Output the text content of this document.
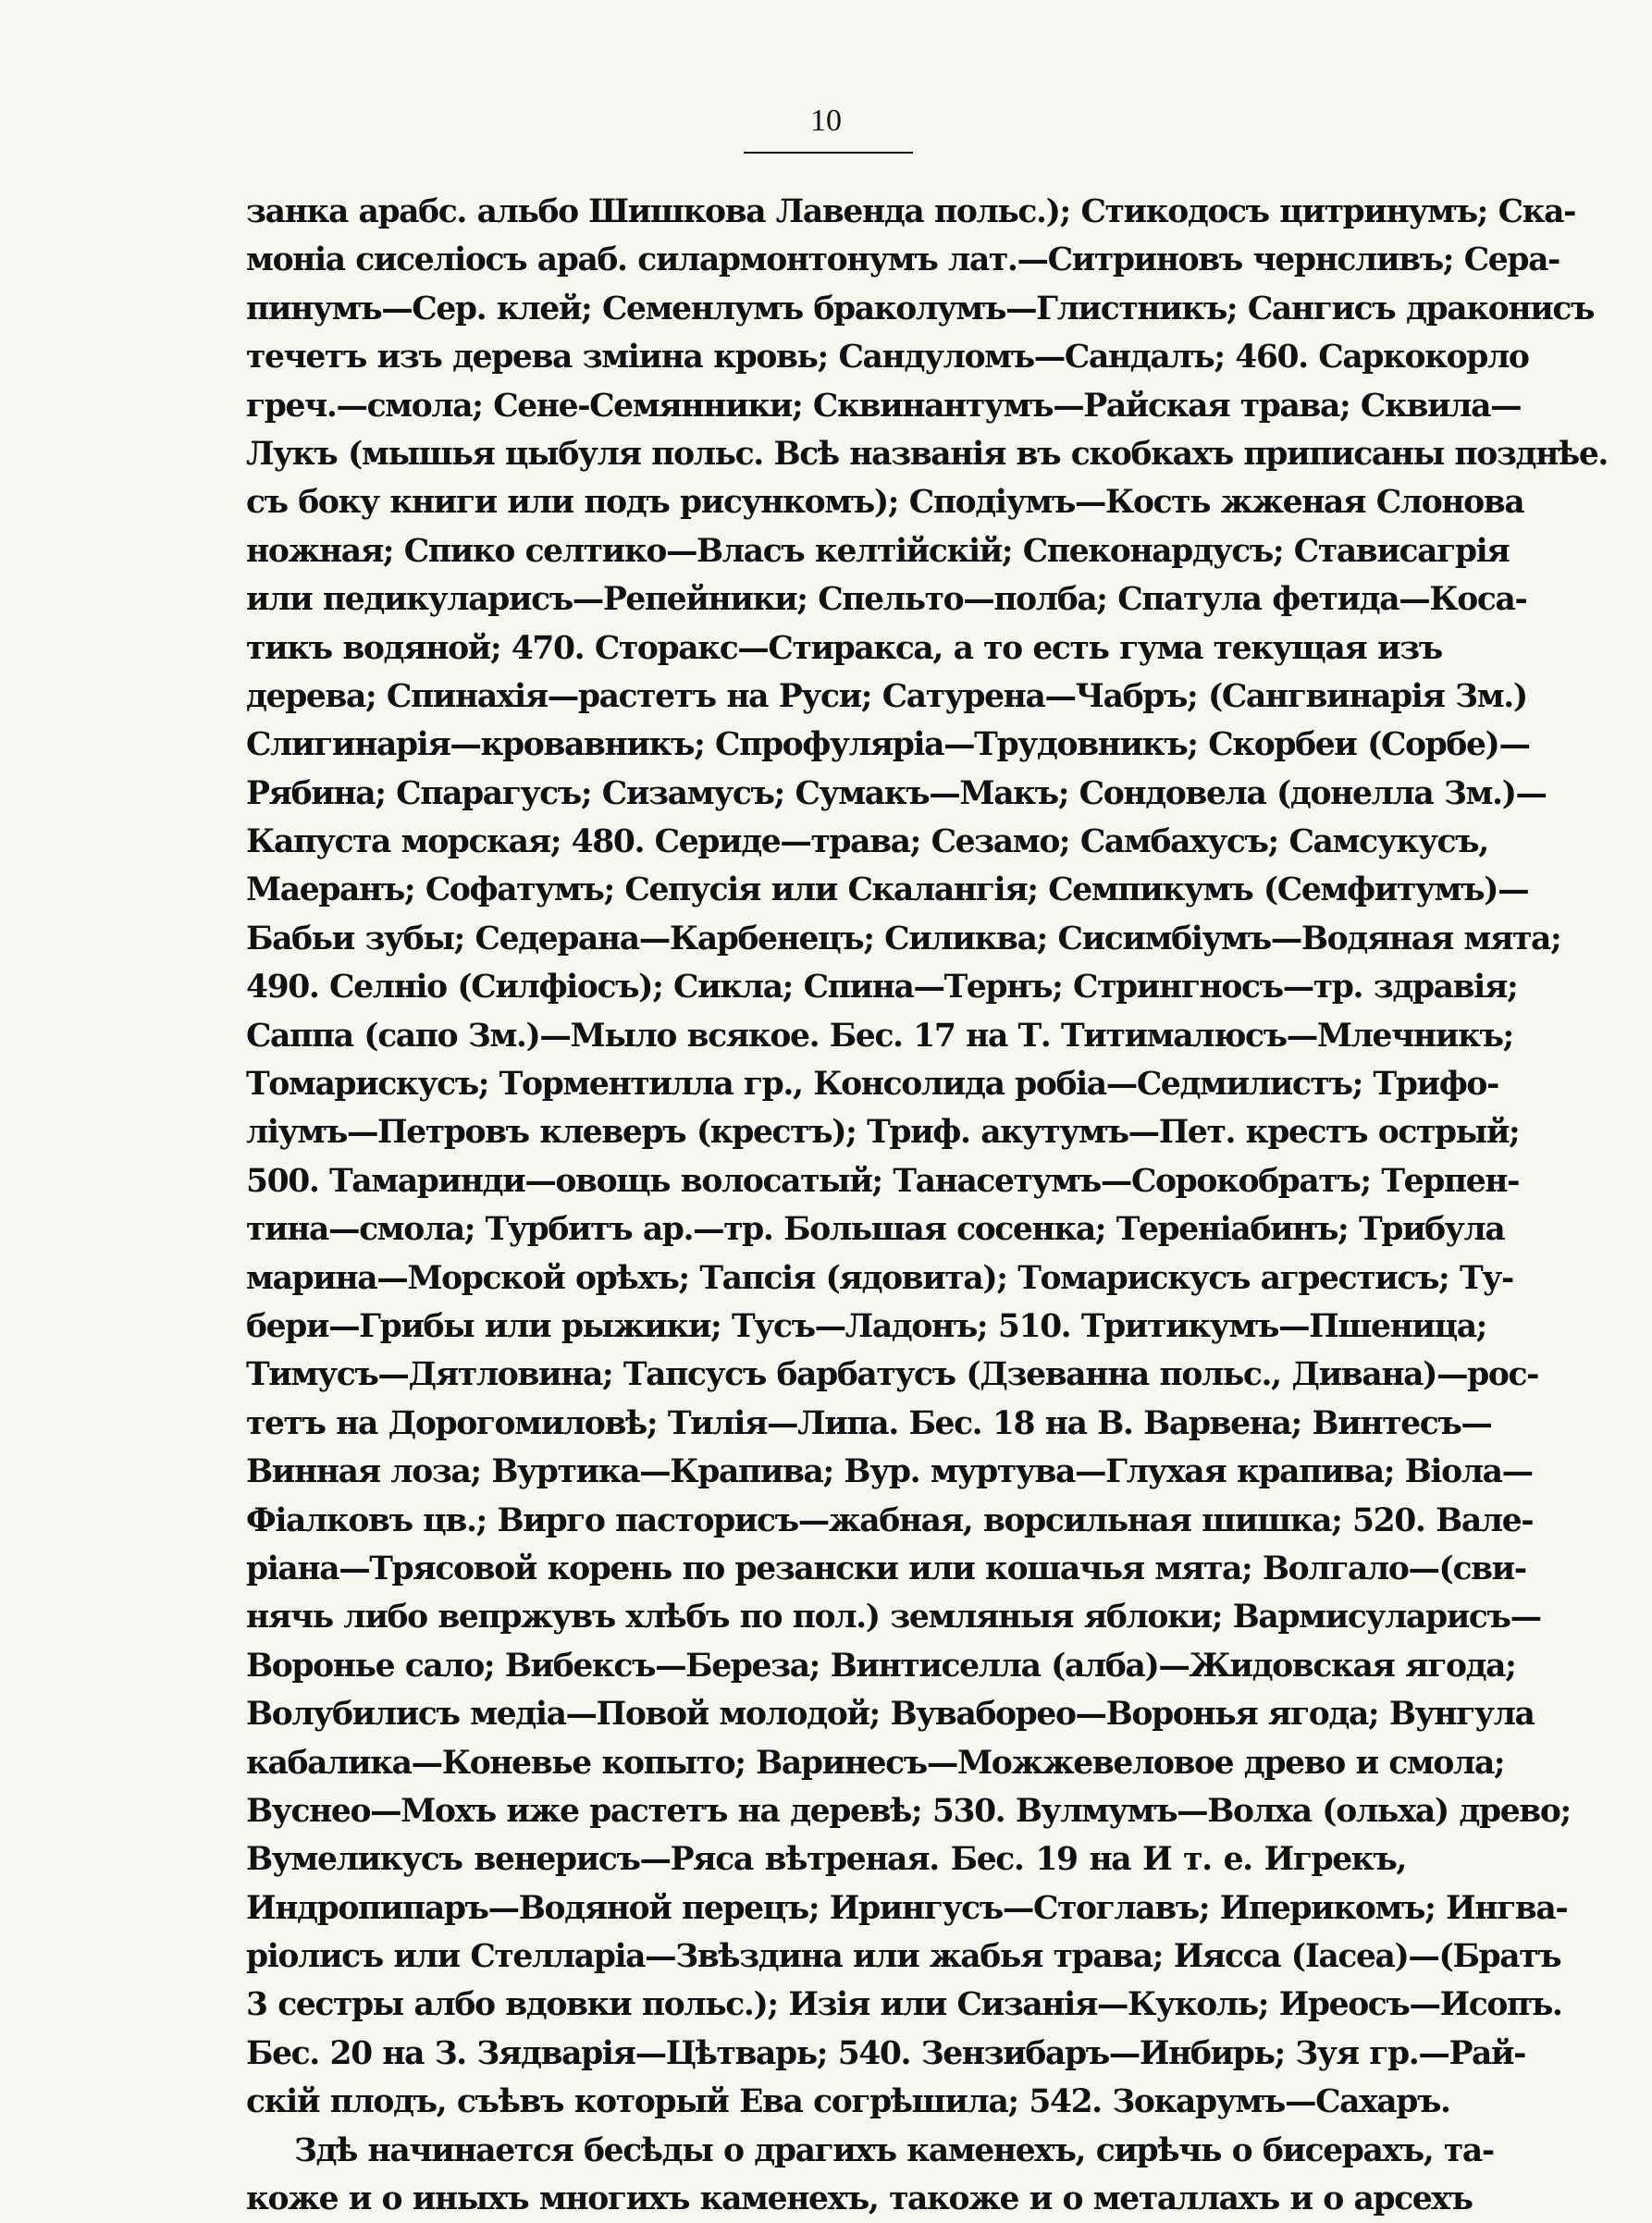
10
занка арабс. альбо Шишкова Лавенда польс.); Стикодосъ цитринумъ; Ска-
моніа сиселіосъ араб. силармонтонумъ лат.—Ситриновъ чернсливъ; Сера-
пинумъ—Сер. клей; Семенлумъ браколумъ—Глистникъ; Сангисъ драконисъ
течетъ изъ дерева зміина кровь; Сандуломъ—Сандалъ; 460. Саркокорло
греч.—смола; Сене-Семянники; Сквинантумъ—Райская трава; Сквила—
Лукъ (мышья цыбуля польс. Всѣ названія въ скобкахъ приписаны позднѣе.
съ боку книги или подъ рисункомъ); Сподіумъ—Кость жженая Слонова
ножная; Спико селтико—Власъ келтійскій; Спеконардусъ; Стависагрія
или педикуларисъ—Репейники; Спельто—полба; Спатула фетида—Коса-
тикъ водяной; 470. Сторакс—Стиракса, а то есть гума текущая изъ
дерева; Спинахія—растетъ на Руси; Сатурена—Чабръ; (Сангвинарія Зм.)
Слигинарія—кровавникъ; Спрофуляріа—Трудовникъ; Скорбеи (Сорбе)—
Рябина; Спарагусъ; Сизамусъ; Сумакъ—Макъ; Сондовела (донелла Зм.)—
Капуста морская; 480. Серидe—трава; Сезамо; Самбахусъ; Самсукусъ,
Маеранъ; Софатумъ; Сепусія или Скалангія; Семпикумъ (Семфитумъ)—
Бабьи зубы; Седерана—Карбенецъ; Силиква; Сисимбіумъ—Водяная мята;
490. Селніо (Силфіосъ); Сикла; Спина—Тернъ; Стрингносъ—тр. здравія;
Саппа (сапо Зм.)—Мыло всякое. Бес. 17 на Т. Титималюсъ—Млечникъ;
Томарискусъ; Торментилла гр., Консолида робіа—Седмилистъ; Трифо-
ліумъ—Петровъ клеверъ (крестъ); Триф. акутумъ—Пет. крестъ острый;
500. Тамаринди—овощь волосатый; Танасетумъ—Сорокобратъ; Терпен-
тина—смола; Турбитъ ар.—тр. Большая сосенка; Тереніабинъ; Трибула
марина—Морской орѣхъ; Тапсія (ядовита); Томарискусъ агрестисъ; Ту-
бери—Грибы или рыжики; Тусъ—Ладонъ; 510. Тритикумъ—Пшеница;
Тимусъ—Дятловина; Тапсусъ барбатусъ (Дзеванна польс., Дивана)—рос-
тетъ на Дорогомиловѣ; Тилія—Липа. Бес. 18 на В. Варвена; Винтесъ—
Винная лоза; Вуртика—Крапива; Вур. муртува—Глухая крапива; Віола—
Фіалковъ цв.; Вирго пасторисъ—жабная, ворсильная шишка; 520. Вале-
ріана—Трясовой корень по резански или кошачья мята; Волгало—(сви-
нячь либо вепржувъ хлѣбъ по пол.) земляныя яблоки; Вармисуларисъ—
Воронье сало; Вибексъ—Береза; Винтиселла (алба)—Жидовская ягода;
Волубилисъ медіа—Повой молодой; Вуваборео—Воронья ягода; Вунгула
кабалика—Коневье копыто; Варинесъ—Можжевеловое древо и смола;
Вуснео—Мохъ иже растетъ на деревѣ; 530. Вулмумъ—Волха (ольха) древо;
Вумеликусъ венерисъ—Ряса вѣтреная. Бес. 19 на И т. е. Игрекъ,
Индропипаръ—Водяной перецъ; Ирингусъ—Стоглавъ; Иперикомъ; Ингва-
ріолисъ или Стелларіа—Звѣздина или жабья трава; Иясса (Іасеа)—(Братъ
3 сестры албо вдовки польс.); Изія или Сизанія—Куколь; Иреосъ—Исопъ.
Бес. 20 на З. Зядварія—Цѣтварь; 540. Зензибаръ—Инбирь; Зуя гр.—Рай-
скій плодъ, съѣвъ который Ева согрѣшила; 542. Зокарумъ—Сахаръ.
Здѣ начинается бесѣды о драгихъ каменехъ, сирѣчь о бисерахъ, та-
коже и о иныхъ многихъ каменехъ, такоже и о металлахъ и о арсехъ
